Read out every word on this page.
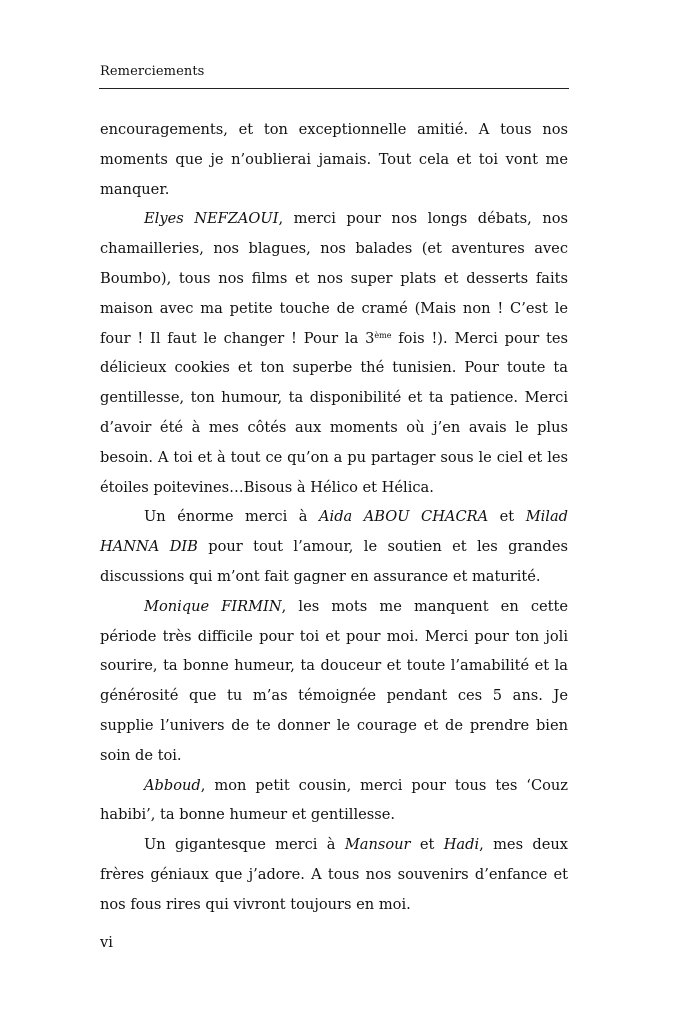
Remerciements

encouragements, et ton exceptionnelle amitié. A tous nos moments que je n’oublierai jamais. Tout cela et toi vont me manquer.

Elyes NEFZAOUI, merci pour nos longs débats, nos chamailleries, nos blagues, nos balades (et aventures avec Boumbo), tous nos films et nos super plats et desserts faits maison avec ma petite touche de cramé (Mais non ! C’est le four ! Il faut le changer ! Pour la 3ème fois !). Merci pour tes délicieux cookies et ton superbe thé tunisien. Pour toute ta gentillesse, ton humour, ta disponibilité et ta patience. Merci d’avoir été à mes côtés aux moments où j’en avais le plus besoin. A toi et à tout ce qu’on a pu partager sous le ciel et les étoiles poitevines…Bisous à Hélico et Hélica.

Un énorme merci à Aida ABOU CHACRA et Milad HANNA DIB pour tout l’amour, le soutien et les grandes discussions qui m’ont fait gagner en assurance et maturité.

Monique FIRMIN, les mots me manquent en cette période très difficile pour toi et pour moi. Merci pour ton joli sourire, ta bonne humeur, ta douceur et toute l’amabilité et la générosité que tu m’as témoignée pendant ces 5 ans. Je supplie l’univers de te donner le courage et de prendre bien soin de toi.

Abboud, mon petit cousin, merci pour tous tes ‘Couz habibi’, ta bonne humeur et gentillesse.

Un gigantesque merci à Mansour et Hadi, mes deux frères géniaux que j’adore. A tous nos souvenirs d’enfance et nos fous rires qui vivront toujours en moi.

vi
